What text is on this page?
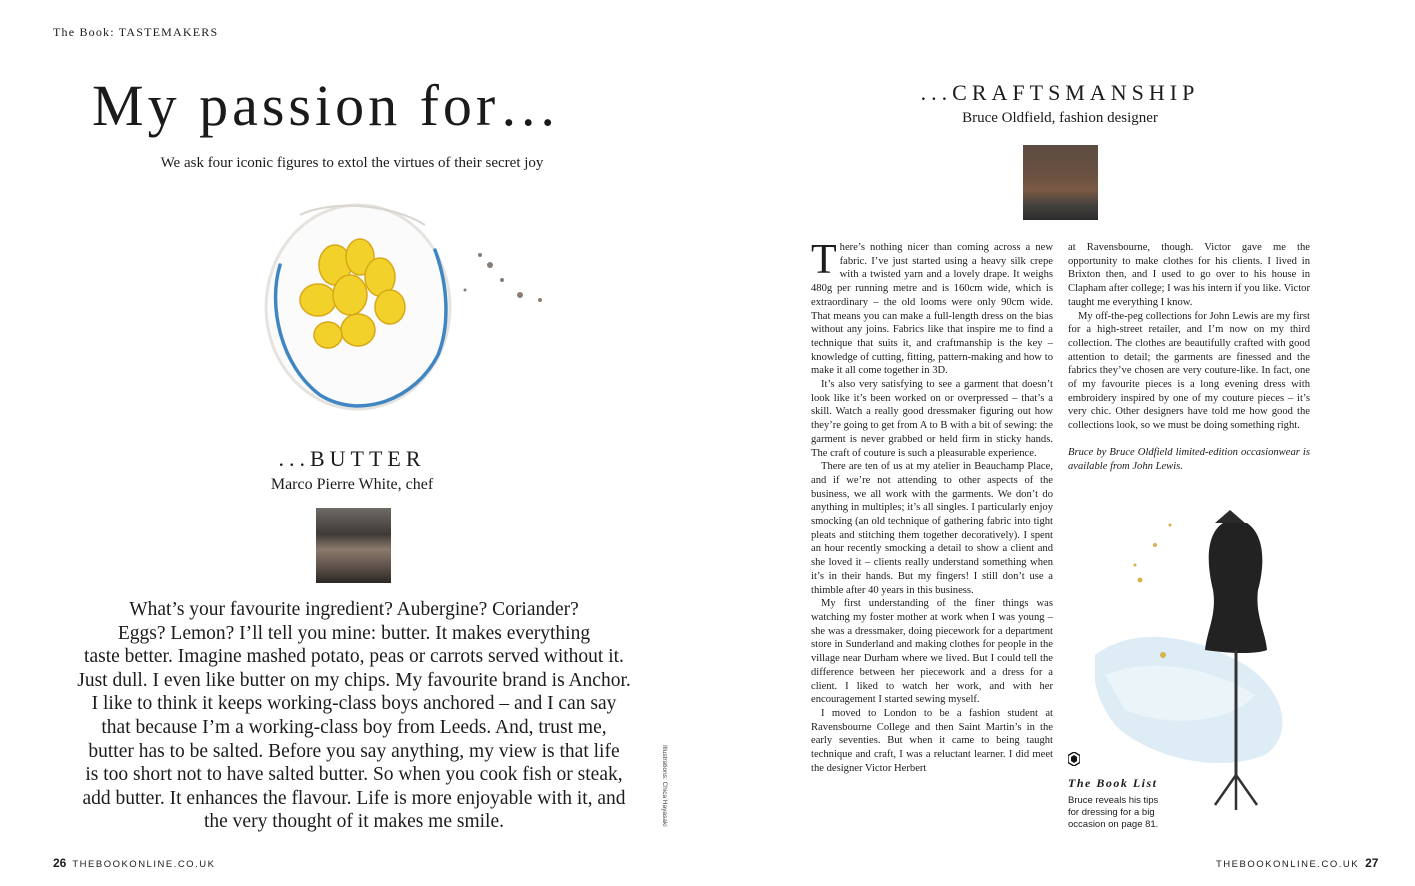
The Book: TASTEMAKERS
My passion for…
We ask four iconic figures to extol the virtues of their secret joy
...BUTTER
Marco Pierre White, chef
What’s your favourite ingredient? Aubergine? Coriander?
Eggs? Lemon? I’ll tell you mine: butter. It makes everything
taste better. Imagine mashed potato, peas or carrots served without it.
Just dull. I even like butter on my chips. My favourite brand is Anchor.
I like to think it keeps working-class boys anchored – and I can say
that because I’m a working-class boy from Leeds. And, trust me,
butter has to be salted. Before you say anything, my view is that life
is too short not to have salted butter. So when you cook fish or steak,
add butter. It enhances the flavour. Life is more enjoyable with it, and
the very thought of it makes me smile.	Illustrations: Chica Hayasaki
26 THEBOOKONLINE.CO.UK
...CRAFTSMANSHIP
Bruce Oldfield, fashion designer

There’s nothing nicer than coming across a new fabric. I’ve just started using a heavy silk crepe with a twisted yarn and a lovely drape. It weighs 480g per running metre and is 160cm wide, which is extraordinary – the old looms were only 90cm wide. That means you can make a full-length dress on the bias without any joins. Fabrics like that inspire me to find a technique that suits it, and craftmanship is the key – knowledge of cutting, fitting, pattern-making and how to make it all come together in 3D.

It’s also very satisfying to see a garment that doesn’t look like it’s been worked on or overpressed – that’s a skill. Watch a really good dressmaker figuring out how they’re going to get from A to B with a bit of sewing: the garment is never grabbed or held firm in sticky hands. The craft of couture is such a pleasurable experience.

There are ten of us at my atelier in Beauchamp Place, and if we’re not attending to other aspects of the business, we all work with the garments. We don’t do anything in multiples; it’s all singles. I particularly enjoy smocking (an old technique of gathering fabric into tight pleats and stitching them together decoratively). I spent an hour recently smocking a detail to show a client and she loved it – clients really understand something when it’s in their hands. But my fingers! I still don’t use a thimble after 40 years in this business.

My first understanding of the finer things was watching my foster mother at work when I was young – she was a dressmaker, doing piecework for a department store in Sunderland and making clothes for people in the village near Durham where we lived. But I could tell the difference between her piecework and a dress for a client. I liked to watch her work, and with her encouragement I started sewing myself.

I moved to London to be a fashion student at Ravensbourne College and then Saint Martin’s in the early seventies. But when it came to being taught technique and craft, I was a reluctant learner. I did meet the designer Victor Herbert

at Ravensbourne, though. Victor gave me the opportunity to make clothes for his clients. I lived in Brixton then, and I used to go over to his house in Clapham after college; I was his intern if you like. Victor taught me everything I know.

My off-the-peg collections for John Lewis are my first for a high-street retailer, and I’m now on my third collection. The clothes are beautifully crafted with good attention to detail; the garments are finessed and the fabrics they’ve chosen are very couture-like. In fact, one of my favourite pieces is a long evening dress with embroidery inspired by one of my couture pieces – it’s very chic. Other designers have told me how good the collections look, so we must be doing something right.

Bruce by Bruce Oldfield limited-edition occasionwear is available from John Lewis.

The Book List
Bruce reveals his tips for dressing for a big occasion on page 81.
THEBOOKONLINE.CO.UK 27
